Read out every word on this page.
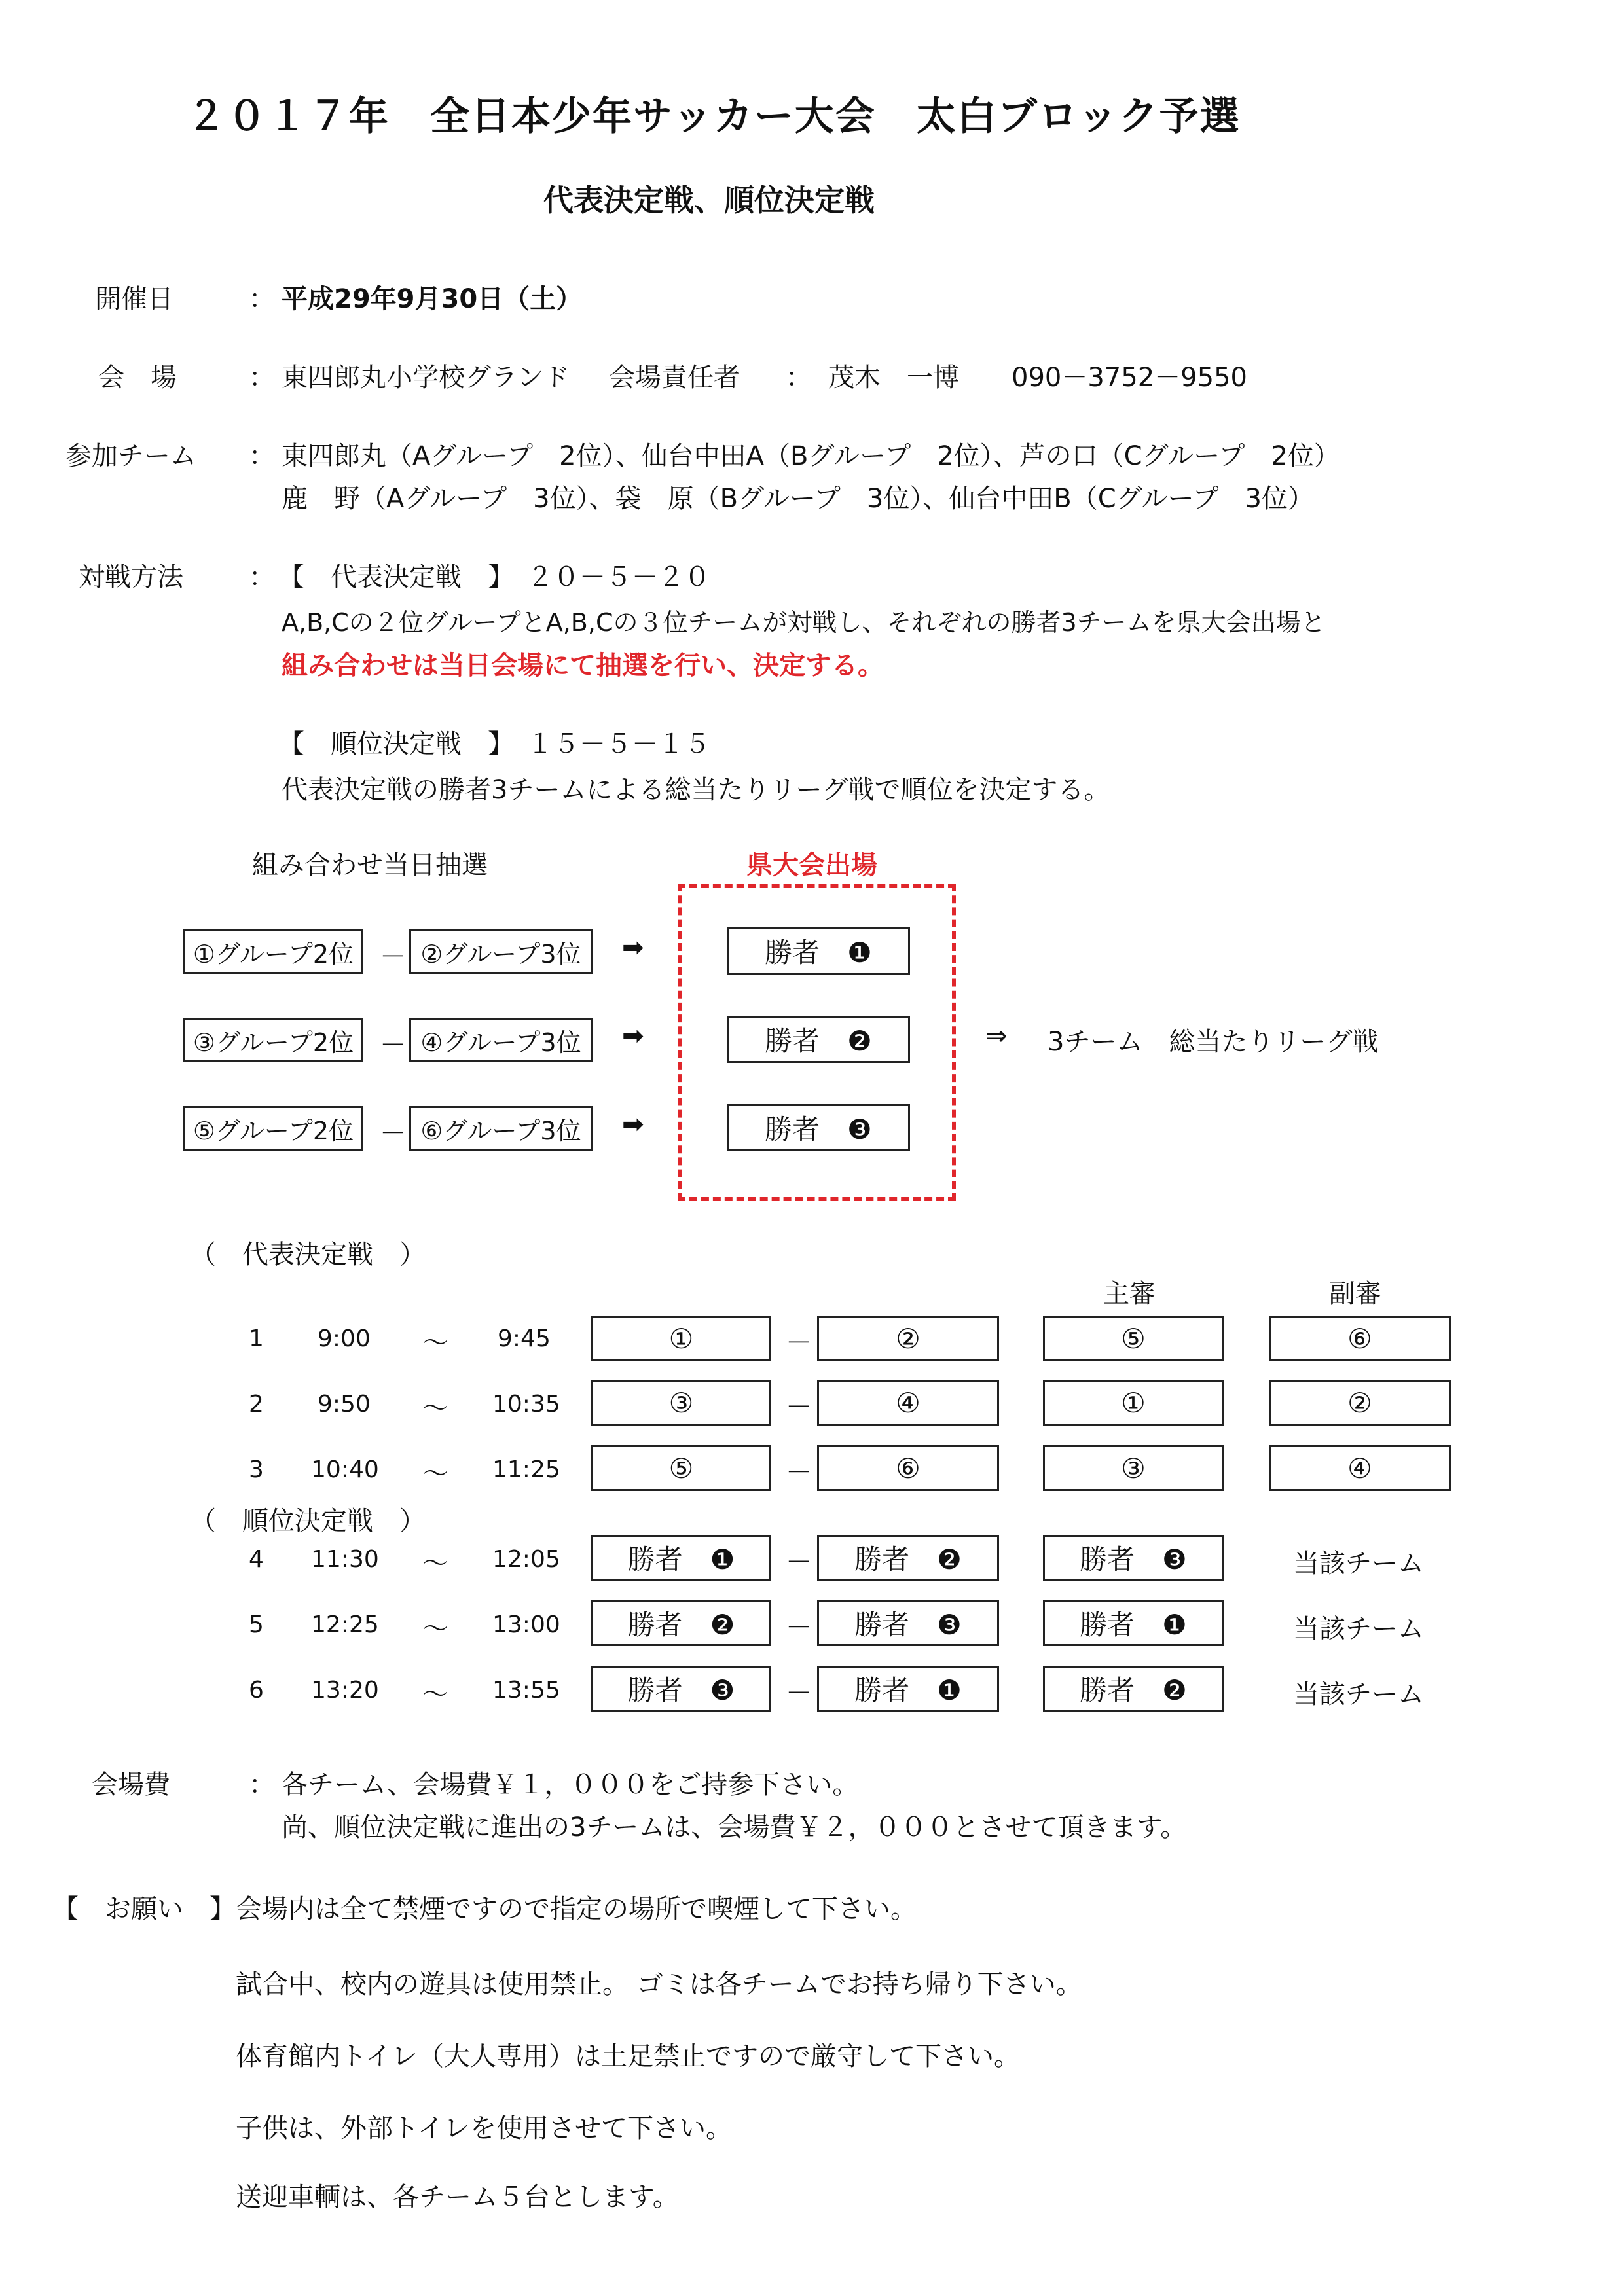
２０１７年　全日本少年サッカー大会　太白ブロック予選
代表決定戦、順位決定戦
開催日	： 平成29年9月30日（土）
会　場	： 東四郎丸小学校グランド 会場責任者 ： 茂木　一博　　090－3752－9550
参加チーム ： 東四郎丸（Aグループ　2位）、仙台中田A（Bグループ　2位）、芦の口（Cグループ　2位）
鹿　野（Aグループ　3位）、袋　原（Bグループ　3位）、仙台中田B（Cグループ　3位）
対戦方法	： 【　代表決定戦　】　２０－５－２０
A,B,Cの２位グループとA,B,Cの３位チームが対戦し、それぞれの勝者3チームを県大会出場と
組み合わせは当日会場にて抽選を行い、決定する。
【　順位決定戦　】　１５－５－１５
代表決定戦の勝者3チームによる総当たりリーグ戦で順位を決定する。
組み合わせ当日抽選	県大会出場
①グループ2位 － ②グループ3位	➡	勝者　❶
③グループ2位 － ④グループ3位	➡	勝者　❷
⑤グループ2位 － ⑥グループ3位	➡	勝者　❸
⇒ 3チーム　総当たりリーグ戦
（　代表決定戦　）
主審	副審
1 9:00 〜 9:45	①	－	②	⑤	⑥
2 9:50 〜 10:35	③	－	④	①	②
3 10:40 〜 11:25	⑤	－	⑥	③	④
（　順位決定戦　）
4 11:30 〜 12:05	勝者　❶	－	勝者　❷	勝者　❸	当該チーム
5 12:25 〜 13:00	勝者　❷	－	勝者　❸	勝者　❶	当該チーム
6 13:20 〜 13:55	勝者　❸	－	勝者　❶	勝者　❷	当該チーム
会場費	： 各チーム、会場費￥１，０００をご持参下さい。
尚、順位決定戦に進出の3チームは、会場費￥２，０００とさせて頂きます。
【　お願い　】 会場内は全て禁煙ですので指定の場所で喫煙して下さい。
試合中、校内の遊具は使用禁止。 ゴミは各チームでお持ち帰り下さい。
体育館内トイレ（大人専用）は土足禁止ですので厳守して下さい。
子供は、外部トイレを使用させて下さい。
送迎車輌は、各チーム５台とします。
